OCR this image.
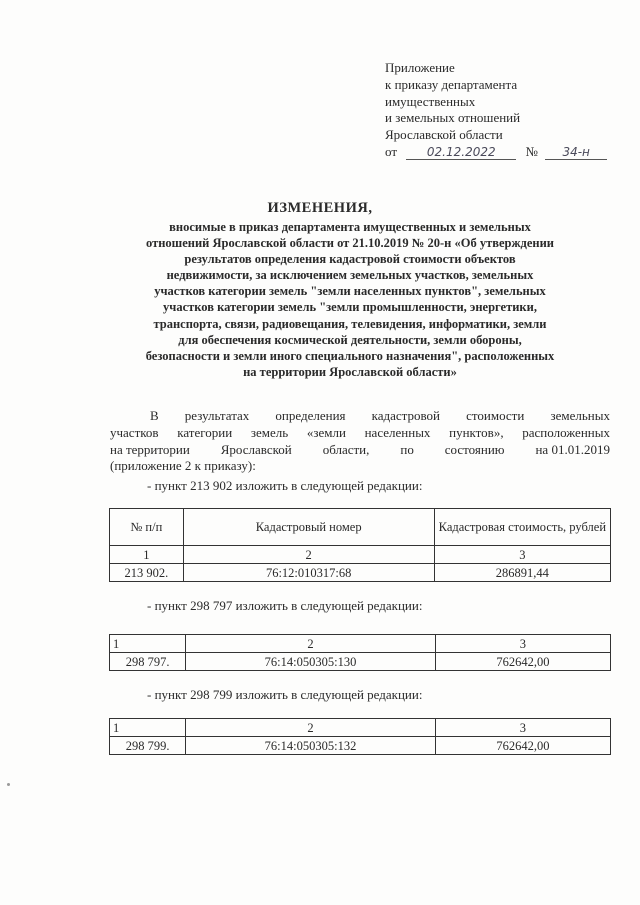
Приложение
к приказу департамента
имущественных
и земельных отношений
Ярославской области
от 02.12.2022 № 34-н
ИЗМЕНЕНИЯ,
вносимые в приказ департамента имущественных и земельных
отношений Ярославской области от 21.10.2019 № 20-н «Об утверждении
результатов определения кадастровой стоимости объектов
недвижимости, за исключением земельных участков, земельных
участков категории земель "земли населенных пунктов", земельных
участков категории земель "земли промышленности, энергетики,
транспорта, связи, радиовещания, телевидения, информатики, земли
для обеспечения космической деятельности, земли обороны,
безопасности и земли иного специального назначения", расположенных
на территории Ярославской области»
В результатах определения кадастровой стоимости земельных
участков категории земель «земли населенных пунктов», расположенных
на территории Ярославской области, по состоянию на 01.01.2019
(приложение 2 к приказу):
- пункт 213 902 изложить в следующей редакции:
№ п/п	Кадастровый номер	Кадастровая стоимость, рублей
1	2	3
213 902.	76:12:010317:68	286891,44
- пункт 298 797 изложить в следующей редакции:
1	2	3
298 797.	76:14:050305:130	762642,00
- пункт 298 799 изложить в следующей редакции:
1	2	3
298 799.	76:14:050305:132	762642,00
